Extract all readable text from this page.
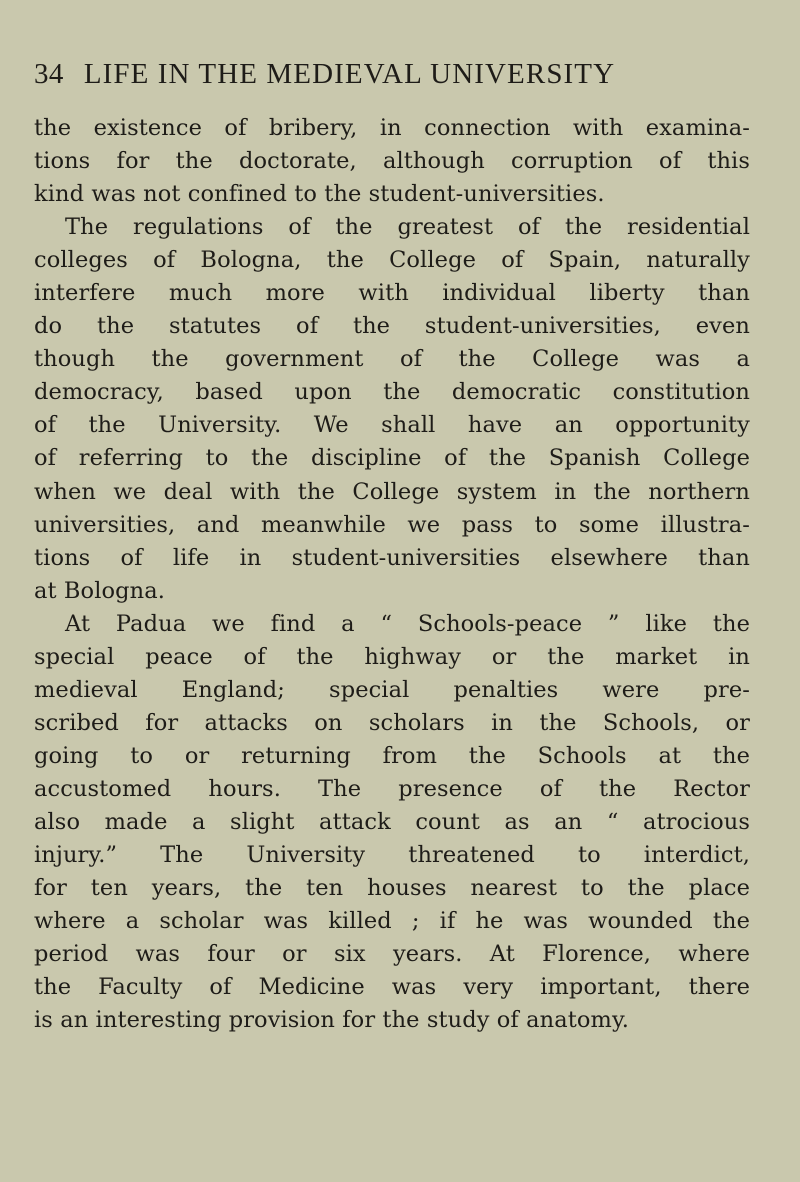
34 LIFE IN THE MEDIEVAL UNIVERSITY
the existence of bribery, in connection with examina-
tions for the doctorate, although corruption of this
kind was not confined to the student-universities.
The regulations of the greatest of the residential
colleges of Bologna, the College of Spain, naturally
interfere much more with individual liberty than
do the statutes of the student-universities, even
though the government of the College was a
democracy, based upon the democratic constitution
of the University. We shall have an opportunity
of referring to the discipline of the Spanish College
when we deal with the College system in the northern
universities, and meanwhile we pass to some illustra-
tions of life in student-universities elsewhere than
at Bologna.
At Padua we find a “ Schools-peace ” like the
special peace of the highway or the market in
medieval England; special penalties were pre-
scribed for attacks on scholars in the Schools, or
going to or returning from the Schools at the
accustomed hours. The presence of the Rector
also made a slight attack count as an “ atrocious
injury.” The University threatened to interdict,
for ten years, the ten houses nearest to the place
where a scholar was killed ; if he was wounded the
period was four or six years. At Florence, where
the Faculty of Medicine was very important, there
is an interesting provision for the study of anatomy.
